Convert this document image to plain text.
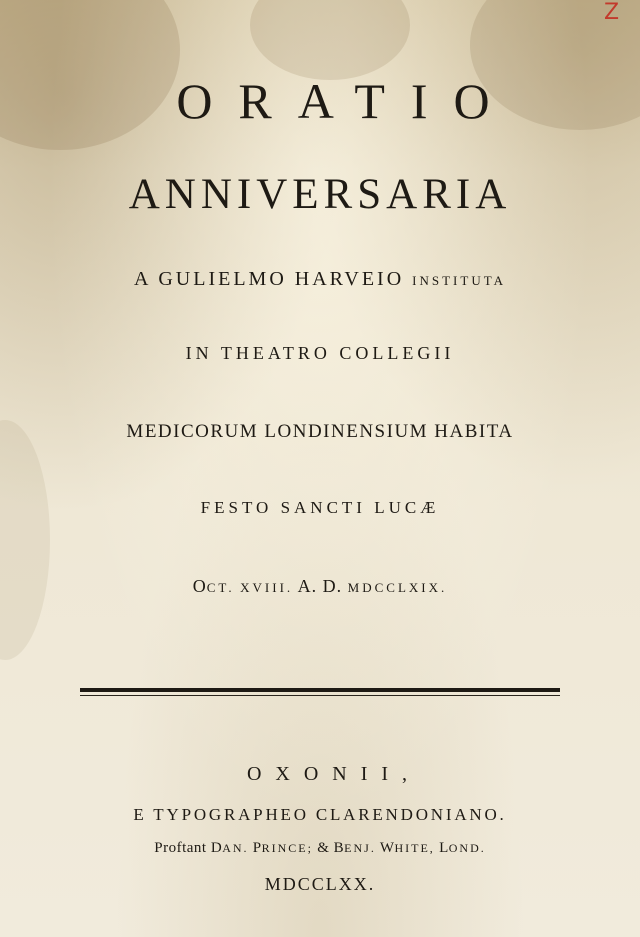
Z
ORATIO
ANNIVERSARIA
A GULIELMO HARVEIO INSTITUTA
IN THEATRO COLLEGII
MEDICORUM LONDINENSIUM HABITA
FESTO SANCTI LUCÆ
OCT. XVIII. A. D. MDCCLXIX.
OXONII,
E TYPOGRAPHEO CLARENDONIANO.
Proftant DAN. PRINCE; & BENJ. WHITE, LOND.
MDCCLXX.
